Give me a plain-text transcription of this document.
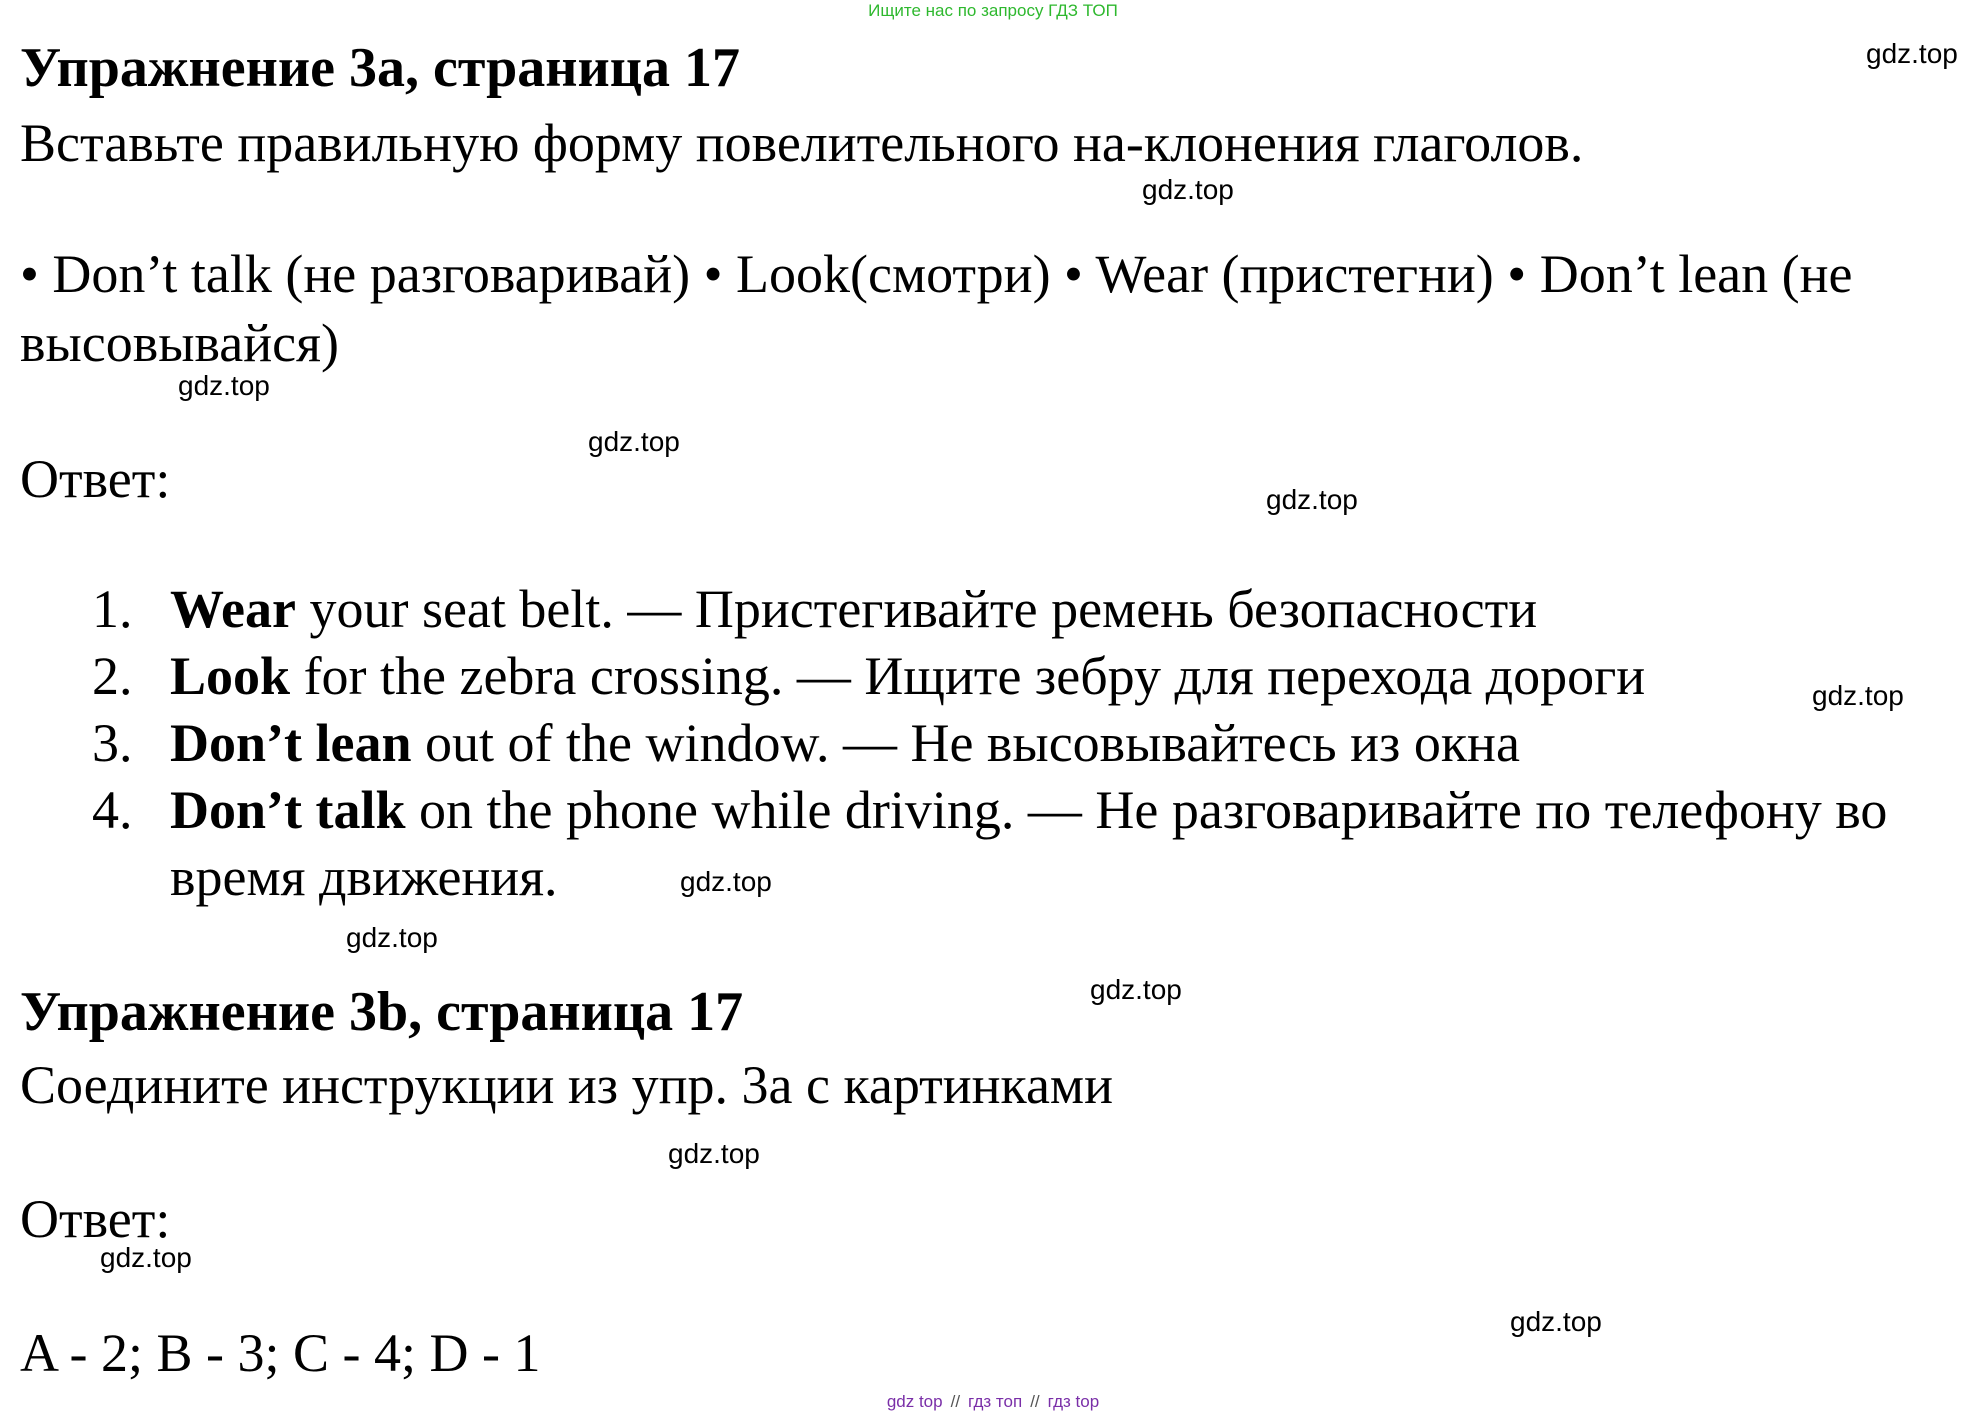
Ищите нас по запросу ГДЗ ТОП
Упражнение 3a, страница 17
Вставьте правильную форму повелительного на-клонения глаголов.
• Don’t talk (не разговаривай) • Look(смотри) • Wear (пристегни) • Don’t lean (не высовывайся)
Ответ:
1. Wear your seat belt. — Пристегивайте ремень безопасности
2. Look for the zebra crossing. — Ищите зебру для перехода дороги
3. Don’t lean out of the window. — Не высовывайтесь из окна
4. Don’t talk on the phone while driving. — Не разговаривайте по телефону во время движения.
Упражнение 3b, страница 17
Соедините инструкции из упр. 3а с картинками
Ответ:
A - 2; B - 3; C - 4; D - 1
gdz.top
gdz.top
gdz.top
gdz.top
gdz.top
gdz.top
gdz.top
gdz.top
gdz.top
gdz.top
gdz.top
gdz.top
gdz top // гдз топ // гдз top
